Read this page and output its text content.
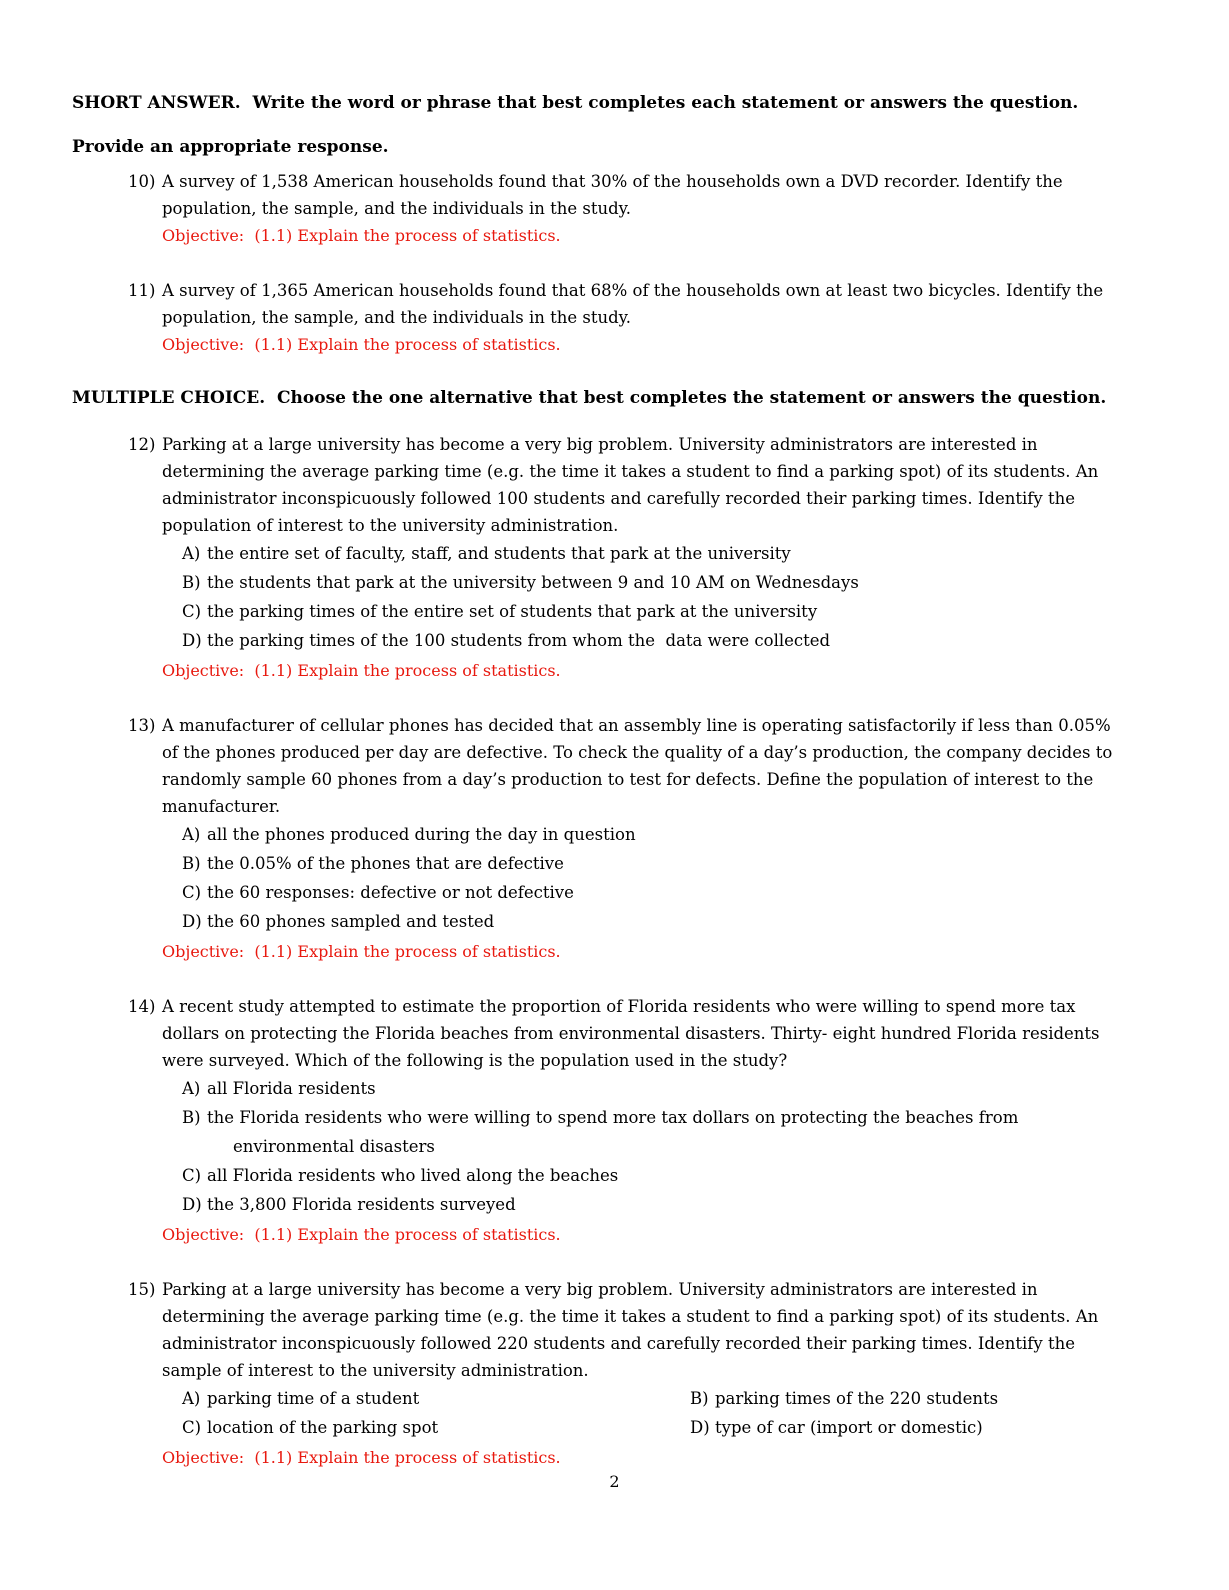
SHORT ANSWER.  Write the word or phrase that best completes each statement or answers the question.
Provide an appropriate response.
10) A survey of 1,538 American households found that 30% of the households own a DVD recorder. Identify the population, the sample, and the individuals in the study.
Objective:  (1.1) Explain the process of statistics.
11) A survey of 1,365 American households found that 68% of the households own at least two bicycles. Identify the population, the sample, and the individuals in the study.
Objective:  (1.1) Explain the process of statistics.
MULTIPLE CHOICE.  Choose the one alternative that best completes the statement or answers the question.
12) Parking at a large university has become a very big problem. University administrators are interested in determining the average parking time (e.g. the time it takes a student to find a parking spot) of its students. An administrator inconspicuously followed 100 students and carefully recorded their parking times. Identify the population of interest to the university administration.
A) the entire set of faculty, staff, and students that park at the university
B) the students that park at the university between 9 and 10 AM on Wednesdays
C) the parking times of the entire set of students that park at the university
D) the parking times of the 100 students from whom the  data were collected
Objective:  (1.1) Explain the process of statistics.
13) A manufacturer of cellular phones has decided that an assembly line is operating satisfactorily if less than 0.05% of the phones produced per day are defective. To check the quality of a day’s production, the company decides to randomly sample 60 phones from a day’s production to test for defects. Define the population of interest to the manufacturer.
A) all the phones produced during the day in question
B) the 0.05% of the phones that are defective
C) the 60 responses: defective or not defective
D) the 60 phones sampled and tested
Objective:  (1.1) Explain the process of statistics.
14) A recent study attempted to estimate the proportion of Florida residents who were willing to spend more tax dollars on protecting the Florida beaches from environmental disasters. Thirty- eight hundred Florida residents were surveyed. Which of the following is the population used in the study?
A) all Florida residents
B) the Florida residents who were willing to spend more tax dollars on protecting the beaches from environmental disasters
C) all Florida residents who lived along the beaches
D) the 3,800 Florida residents surveyed
Objective:  (1.1) Explain the process of statistics.
15) Parking at a large university has become a very big problem. University administrators are interested in determining the average parking time (e.g. the time it takes a student to find a parking spot) of its students. An administrator inconspicuously followed 220 students and carefully recorded their parking times. Identify the sample of interest to the university administration.
A) parking time of a student	B) parking times of the 220 students
C) location of the parking spot	D) type of car (import or domestic)
Objective:  (1.1) Explain the process of statistics.
2
